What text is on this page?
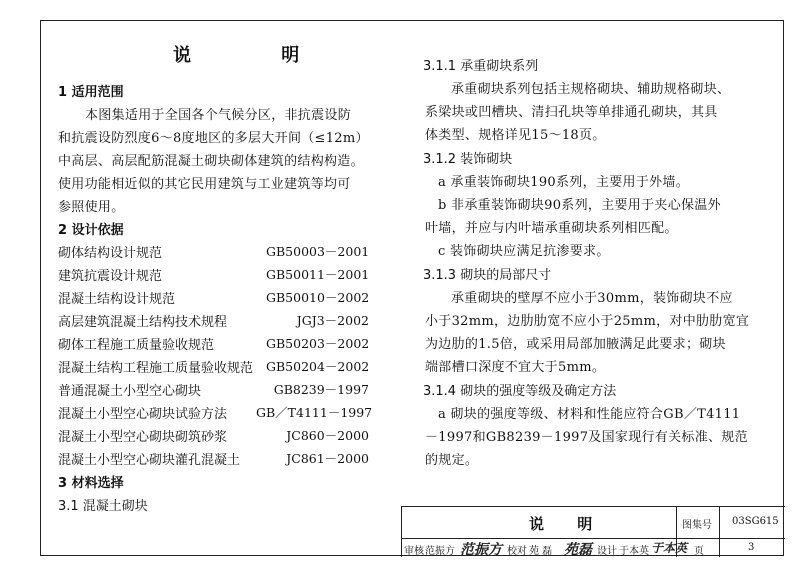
说 明
1 适用范围
本图集适用于全国各个气候分区，非抗震设防
和抗震设防烈度6～8度地区的多层大开间（≤12m）
中高层、高层配筋混凝土砌块砌体建筑的结构构造。
使用功能相近似的其它民用建筑与工业建筑等均可
参照使用。
2 设计依据
砌体结构设计规范	GB50003－2001
建筑抗震设计规范	GB50011－2001
混凝土结构设计规范	GB50010－2002
高层建筑混凝土结构技术规程	JGJ3－2002
砌体工程施工质量验收规范	GB50203－2002
混凝土结构工程施工质量验收规范 GB50204－2002
普通混凝土小型空心砌块	GB8239－1997
混凝土小型空心砌块试验方法 GB／T4111－1997
混凝土小型空心砌块砌筑砂浆	JC860－2000
混凝土小型空心砌块灌孔混凝土	JC861－2000
3 材料选择
3.1 混凝土砌块
3.1.1 承重砌块系列
承重砌块系列包括主规格砌块、辅助规格砌块、
系梁块或凹槽块、清扫孔块等单排通孔砌块，其具
体类型、规格详见15～18页。
3.1.2 装饰砌块
a 承重装饰砌块190系列，主要用于外墙。
b 非承重装饰砌块90系列，主要用于夹心保温外
叶墙，并应与内叶墙承重砌块系列相匹配。
c 装饰砌块应满足抗渗要求。
3.1.3 砌块的局部尺寸
承重砌块的壁厚不应小于30mm，装饰砌块不应
小于32mm，边肋肋宽不应小于25mm，对中肋肋宽宜
为边肋的1.5倍，或采用局部加腋满足此要求；砌块
端部槽口深度不宜大于5mm。
3.1.4 砌块的强度等级及确定方法
a 砌块的强度等级、材料和性能应符合GB／T4111
－1997和GB8239－1997及国家现行有关标准、规范
的规定。
说 明	图集号 03SG615
审核 范振方 范振方 校对 苑 磊 苑磊 设计 于本英 于本英 页	3
